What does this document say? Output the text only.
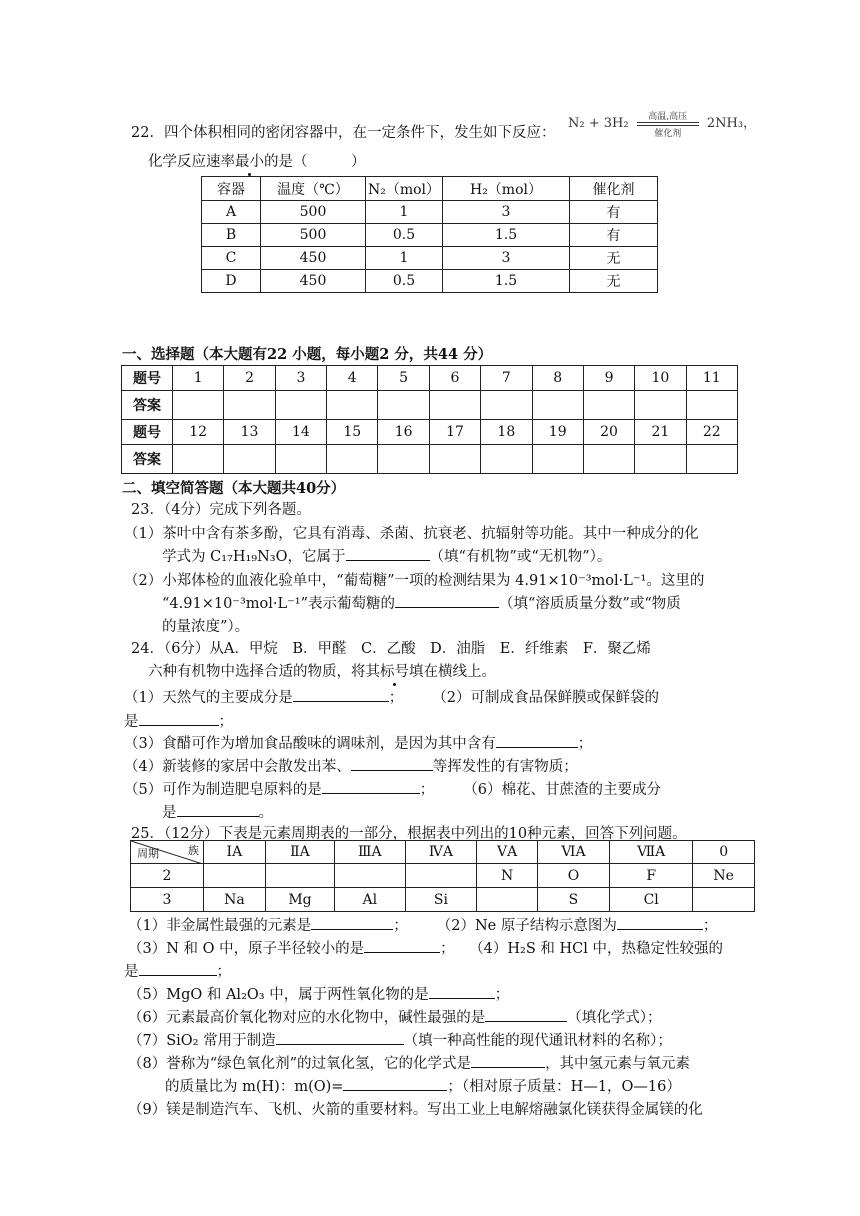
22．四个体积相同的密闭容器中，在一定条件下，发生如下反应：
N₂ + 3H₂	高温,高压
催化剂
2NH₃，
化学反应速率最小的是（　　　）
容器	温度（℃）	N₂（mol）	H₂（mol）	催化剂
A	500	1	3	有
B	500	0.5	1.5	有
C	450	1	3	无
D	450	0.5	1.5	无
一、选择题（本大题有22 小题，每小题2 分，共44 分）
题号	1	2	3	4	5	6	7	8	9	10	11
答案											
题号	12	13	14	15	16	17	18	19	20	21	22
答案											
二、填空简答题（本大题共40分）
23．（4分）完成下列各题。
（1）茶叶中含有茶多酚，它具有消毒、杀菌、抗衰老、抗辐射等功能。其中一种成分的化
学式为 C₁₇H₁₉N₃O，它属于	（填“有机物”或“无机物”）。
（2）小郑体检的血液化验单中，“葡萄糖”一项的检测结果为 4.91×10⁻³mol·L⁻¹。这里的
“4.91×10⁻³mol·L⁻¹”表示葡萄糖的	（填“溶质质量分数”或“物质
的量浓度”）。
24．（6分）从A．甲烷　B．甲醛　C．乙酸　D．油脂　E．纤维素　F．聚乙烯
六种有机物中选择合适的物质，将其标号填在横线上。
（1）天然气的主要成分是	；　　　（2）可制成食品保鲜膜或保鲜袋的
是	；
（3）食醋可作为增加食品酸味的调味剂，是因为其中含有	；
（4）新装修的家居中会散发出苯、	等挥发性的有害物质；
（5）可作为制造肥皂原料的是	；　　　（6）棉花、甘蔗渣的主要成分
是	。
25．（12分）下表是元素周期表的一部分，根据表中列出的10种元素，回答下列问题。
周期 族	ⅠA	ⅡA	ⅢA	ⅣA	ⅤA	ⅥA	ⅦA	0
2					N	O	F	Ne
3	Na	Mg	Al	Si		S	Cl	
（1）非金属性最强的元素是	；　　　（2）Ne 原子结构示意图为	；
（3）N 和 O 中，原子半径较小的是	；　　（4）H₂S 和 HCl 中，热稳定性较强的
是	；
（5）MgO 和 Al₂O₃ 中，属于两性氧化物的是	；
（6）元素最高价氧化物对应的水化物中，碱性最强的是	（填化学式）；
（7）SiO₂ 常用于制造	（填一种高性能的现代通讯材料的名称）；
（8）誉称为“绿色氧化剂”的过氧化氢，它的化学式是	，其中氢元素与氧元素
的质量比为 m(H)：m(O)=	；（相对原子质量：H—1，O—16）
（9）镁是制造汽车、飞机、火箭的重要材料。写出工业上电解熔融氯化镁获得金属镁的化
